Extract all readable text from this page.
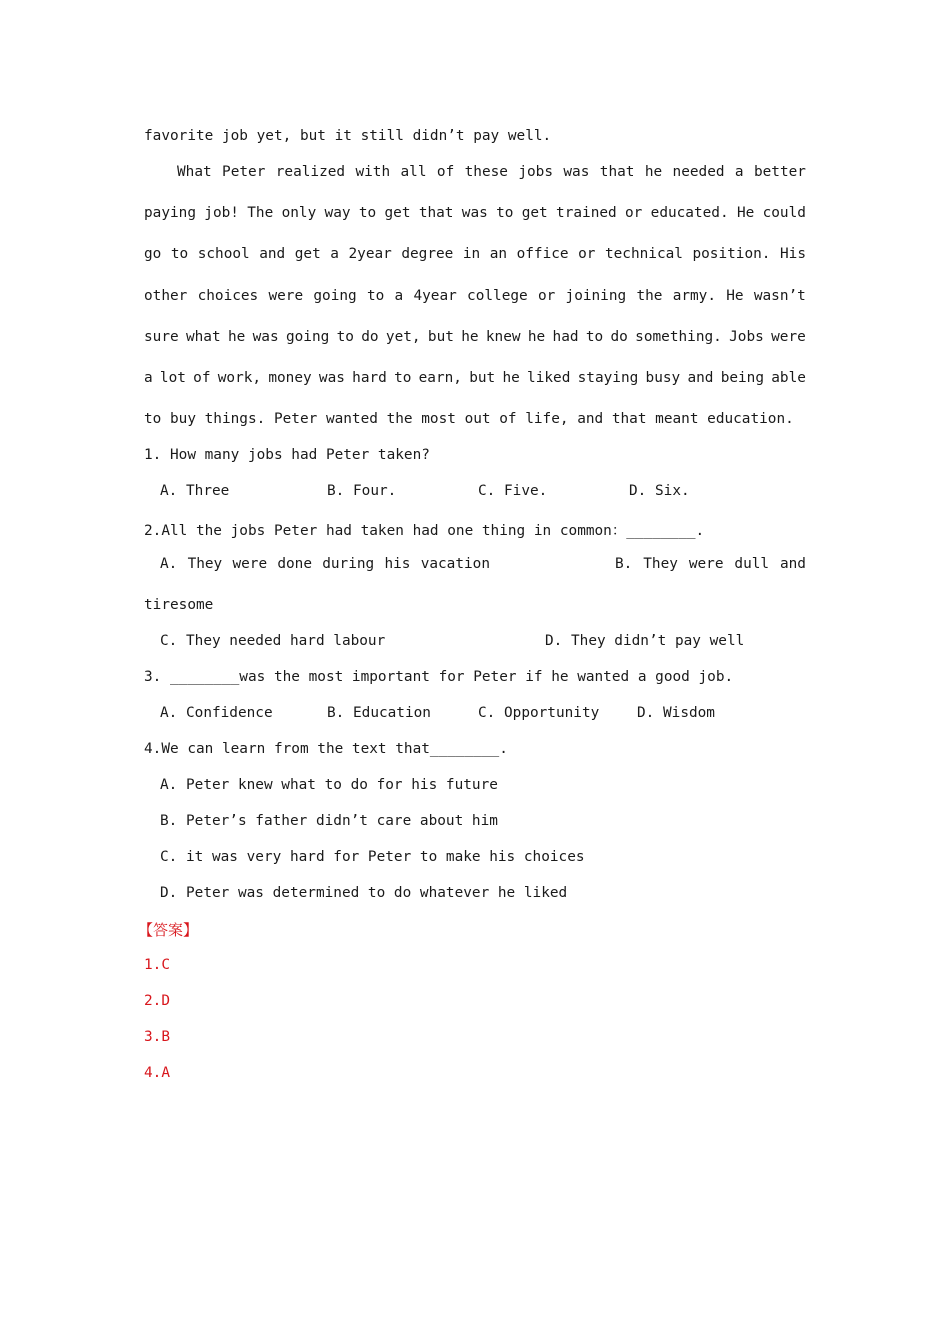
favorite job yet, but it still didn’t pay well.
What Peter realized with all of these jobs was that he needed a better
paying job! The only way to get that was to get trained or educated. He could
go to school and get a 2year degree in an office or technical position. His
other choices were going to a 4year college or joining the army. He wasn’t
sure what he was going to do yet, but he knew he had to do something. Jobs were
a lot of work, money was hard to earn, but he liked staying busy and being able
to buy things. Peter wanted the most out of life, and that meant education.
1. How many jobs had Peter taken?
A. Three	B. Four.	C. Five.	D. Six.
2.All the jobs Peter had taken had one thing in common：________.
A. They were done during his vacation	B. They were dull and
tiresome
C. They needed hard labour	D. They didn’t pay well
3. ________was the most important for Peter if he wanted a good job.
A. Confidence	B. Education	C. Opportunity	D. Wisdom
4.We can learn from the text that________.
A. Peter knew what to do for his future
B. Peter’s father didn’t care about him
C. it was very hard for Peter to make his choices
D. Peter was determined to do whatever he liked
【答案】
1.C
2.D
3.B
4.A
